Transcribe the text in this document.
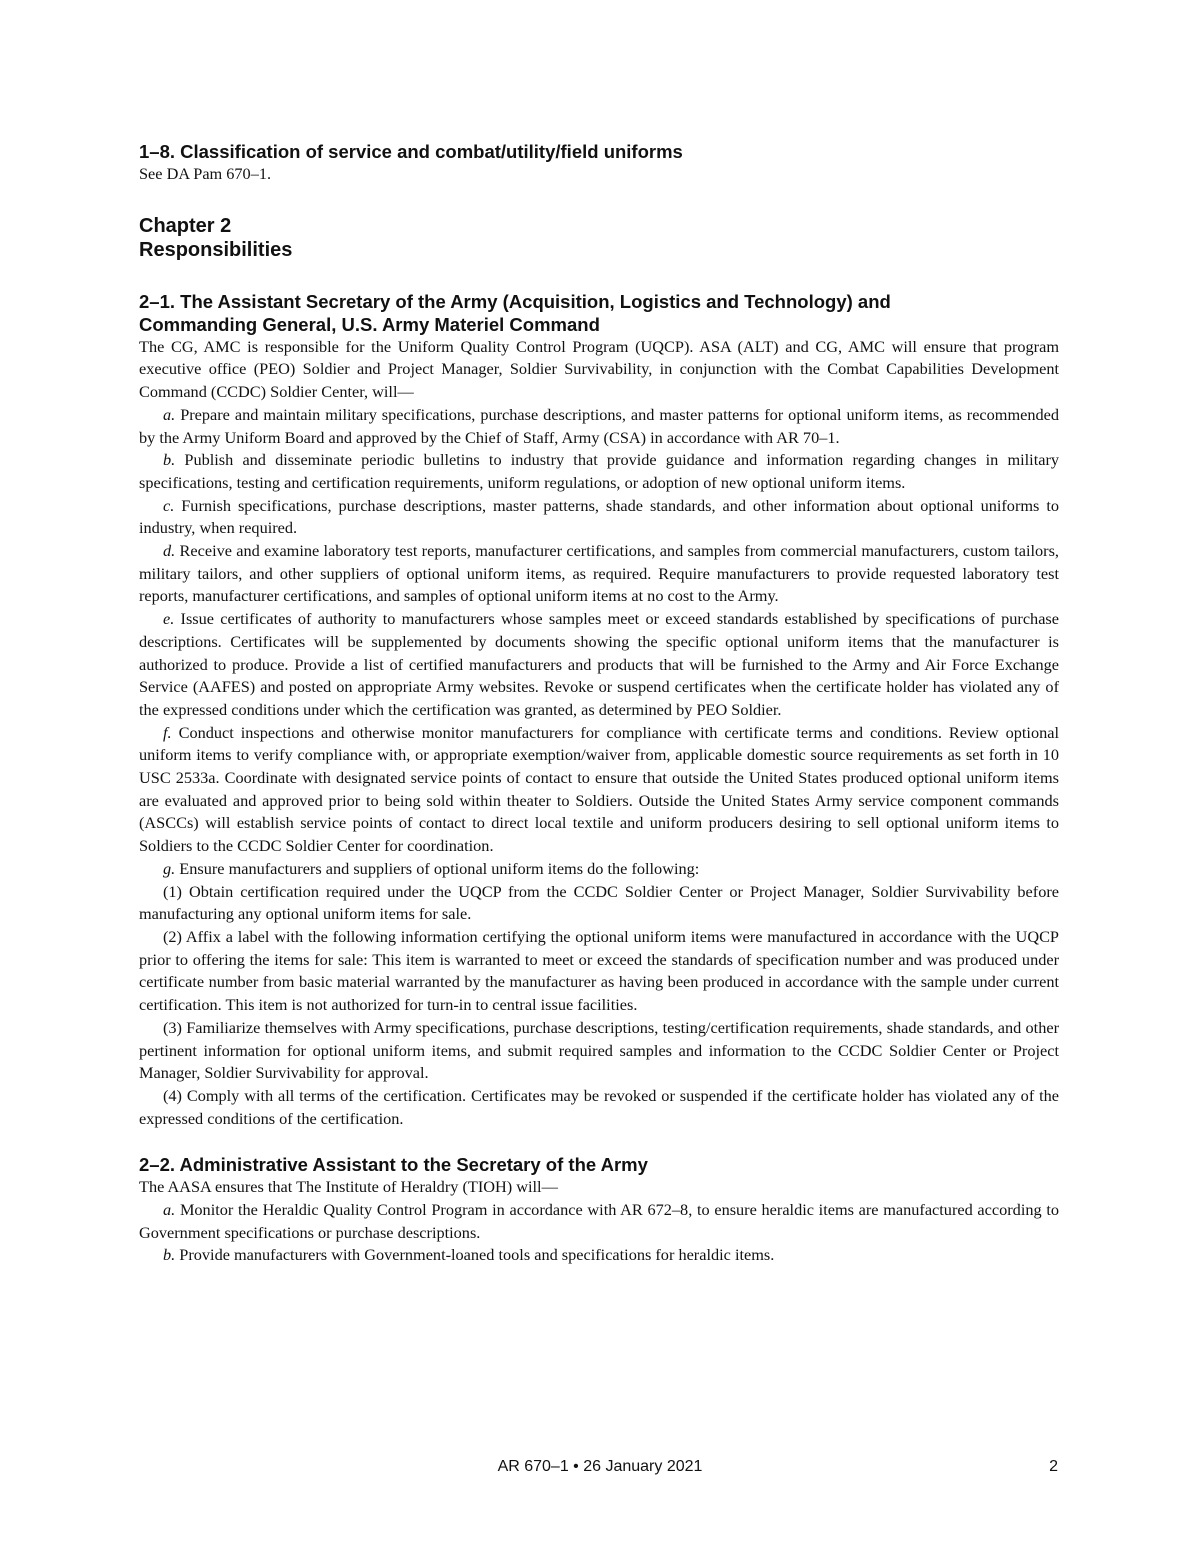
1–8. Classification of service and combat/utility/field uniforms

See DA Pam 670–1.

Chapter 2
Responsibilities
2–1. The Assistant Secretary of the Army (Acquisition, Logistics and Technology) and
Commanding General, U.S. Army Materiel Command

The CG, AMC is responsible for the Uniform Quality Control Program (UQCP). ASA (ALT) and CG, AMC will ensure that program executive office (PEO) Soldier and Project Manager, Soldier Survivability, in conjunction with the Combat Capabilities Development Command (CCDC) Soldier Center, will—

a. Prepare and maintain military specifications, purchase descriptions, and master patterns for optional uniform items, as recommended by the Army Uniform Board and approved by the Chief of Staff, Army (CSA) in accordance with AR 70–1.

b. Publish and disseminate periodic bulletins to industry that provide guidance and information regarding changes in military specifications, testing and certification requirements, uniform regulations, or adoption of new optional uniform items.

c. Furnish specifications, purchase descriptions, master patterns, shade standards, and other information about optional uniforms to industry, when required.

d. Receive and examine laboratory test reports, manufacturer certifications, and samples from commercial manufacturers, custom tailors, military tailors, and other suppliers of optional uniform items, as required. Require manufacturers to provide requested laboratory test reports, manufacturer certifications, and samples of optional uniform items at no cost to the Army.

e. Issue certificates of authority to manufacturers whose samples meet or exceed standards established by specifications of purchase descriptions. Certificates will be supplemented by documents showing the specific optional uniform items that the manufacturer is authorized to produce. Provide a list of certified manufacturers and products that will be furnished to the Army and Air Force Exchange Service (AAFES) and posted on appropriate Army websites. Revoke or suspend certificates when the certificate holder has violated any of the expressed conditions under which the certification was granted, as determined by PEO Soldier.

f. Conduct inspections and otherwise monitor manufacturers for compliance with certificate terms and conditions. Review optional uniform items to verify compliance with, or appropriate exemption/waiver from, applicable domestic source requirements as set forth in 10 USC 2533a. Coordinate with designated service points of contact to ensure that outside the United States produced optional uniform items are evaluated and approved prior to being sold within theater to Soldiers. Outside the United States Army service component commands (ASCCs) will establish service points of contact to direct local textile and uniform producers desiring to sell optional uniform items to Soldiers to the CCDC Soldier Center for coordination.

g. Ensure manufacturers and suppliers of optional uniform items do the following:

(1) Obtain certification required under the UQCP from the CCDC Soldier Center or Project Manager, Soldier Survivability before manufacturing any optional uniform items for sale.

(2) Affix a label with the following information certifying the optional uniform items were manufactured in accordance with the UQCP prior to offering the items for sale: This item is warranted to meet or exceed the standards of specification number and was produced under certificate number from basic material warranted by the manufacturer as having been produced in accordance with the sample under current certification. This item is not authorized for turn-in to central issue facilities.

(3) Familiarize themselves with Army specifications, purchase descriptions, testing/certification requirements, shade standards, and other pertinent information for optional uniform items, and submit required samples and information to the CCDC Soldier Center or Project Manager, Soldier Survivability for approval.

(4) Comply with all terms of the certification. Certificates may be revoked or suspended if the certificate holder has violated any of the expressed conditions of the certification.

2–2. Administrative Assistant to the Secretary of the Army

The AASA ensures that The Institute of Heraldry (TIOH) will—

a. Monitor the Heraldic Quality Control Program in accordance with AR 672–8, to ensure heraldic items are manufactured according to Government specifications or purchase descriptions.

b. Provide manufacturers with Government-loaned tools and specifications for heraldic items.

AR 670–1 • 26 January 2021	2
